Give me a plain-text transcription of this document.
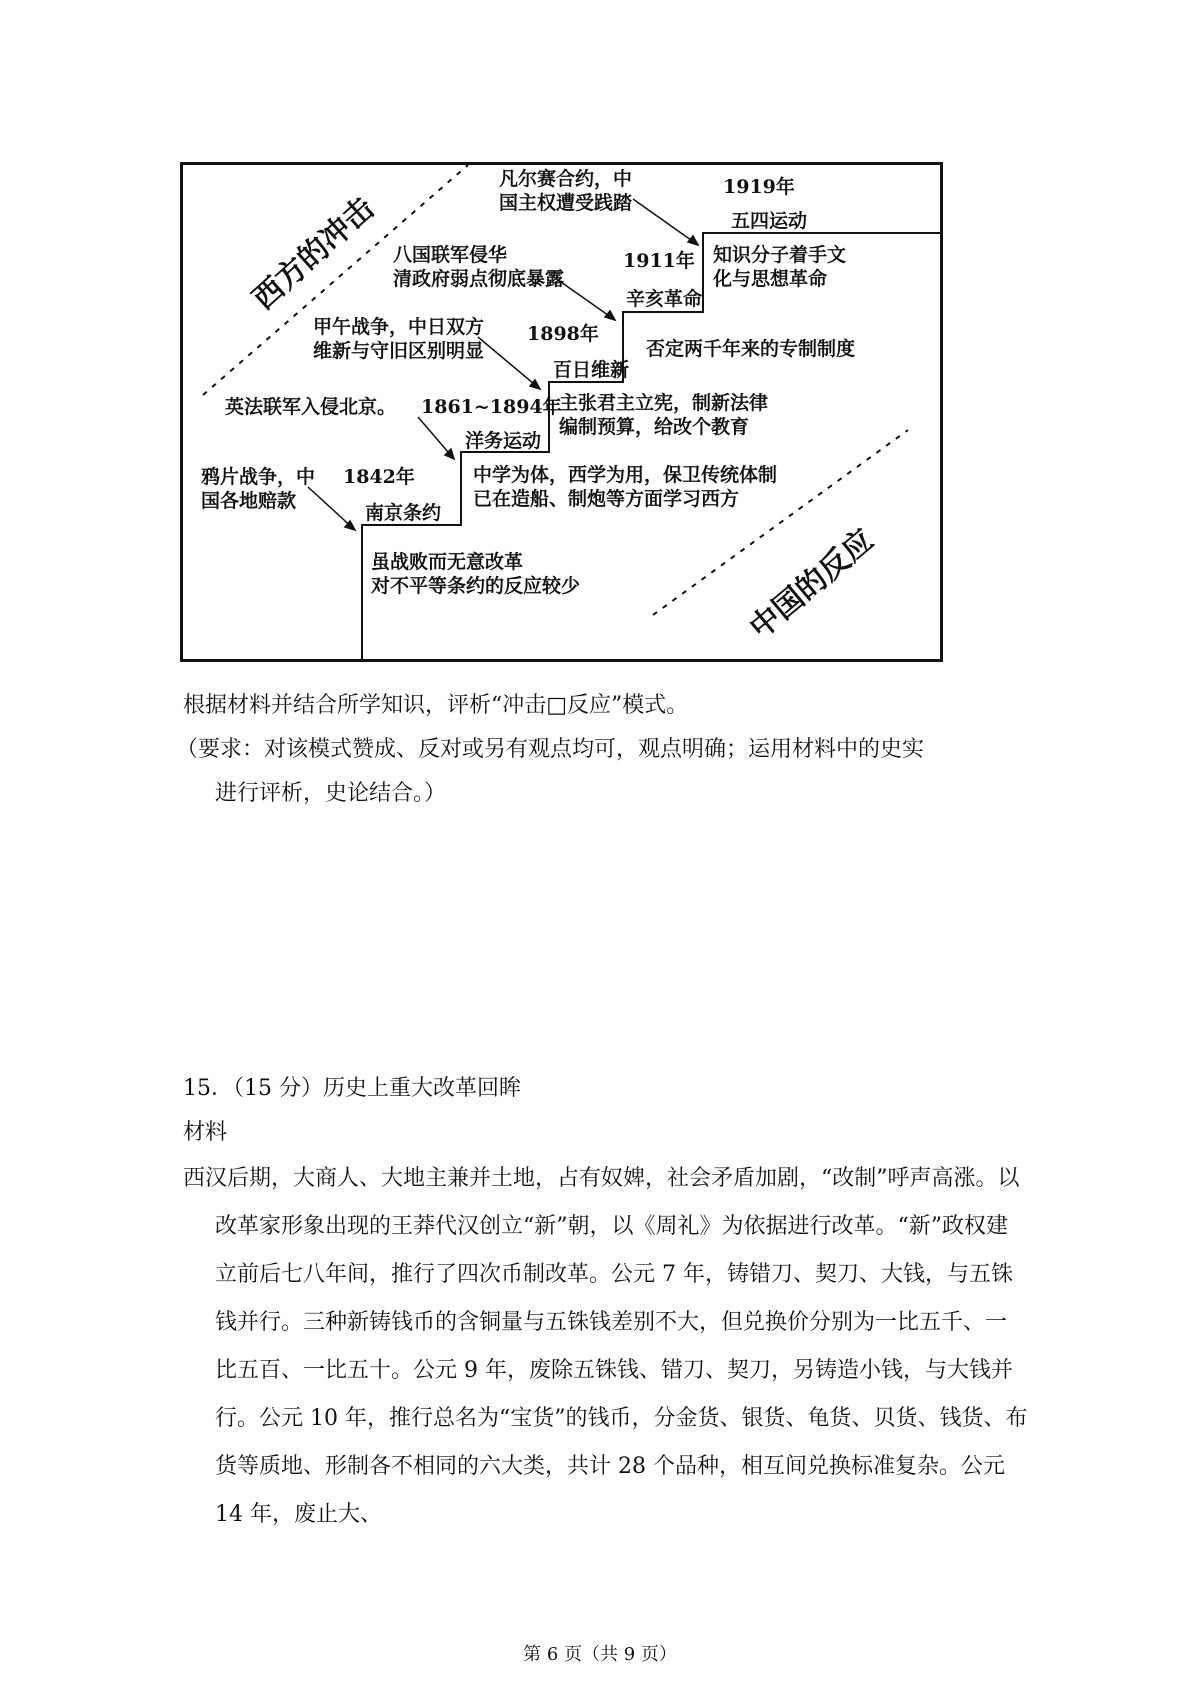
西方的冲击
中国的反应
凡尔赛合约，中
国主权遭受践踏
1919年
五四运动
知识分子着手文
化与思想革命
八国联军侵华
清政府弱点彻底暴露
1911年
辛亥革命
否定两千年来的专制制度
甲午战争，中日双方
维新与守旧区别明显
1898年
百日维新
主张君主立宪，制新法律
编制预算，给改个教育
英法联军入侵北京。 1861~1894年
洋务运动
中学为体，西学为用，保卫传统体制
已在造船、制炮等方面学习西方
鸦片战争，中
国各地赔款
1842年
南京条约
虽战败而无意改革
对不平等条约的反应较少
根据材料并结合所学知识，评析“冲击□反应”模式。
（要求：对该模式赞成、反对或另有观点均可，观点明确；运用材料中的史实
进行评析，史论结合。）
15．（15 分）历史上重大改革回眸
材料
西汉后期，大商人、大地主兼并土地，占有奴婢，社会矛盾加剧，“改制”呼声高涨。以改革家形象出现的王莽代汉创立“新”朝，以《周礼》为依据进行改革。“新”政权建立前后七八年间，推行了四次币制改革。公元 7 年，铸错刀、契刀、大钱，与五铢钱并行。三种新铸钱币的含铜量与五铢钱差别不大，但兑换价分别为一比五千、一比五百、一比五十。公元 9 年，废除五铢钱、错刀、契刀，另铸造小钱，与大钱并行。公元 10 年，推行总名为“宝货”的钱币，分金货、银货、龟货、贝货、钱货、布货等质地、形制各不相同的六大类，共计 28 个品种，相互间兑换标准复杂。公元 14 年，废止大、
第 6 页（共 9 页）
